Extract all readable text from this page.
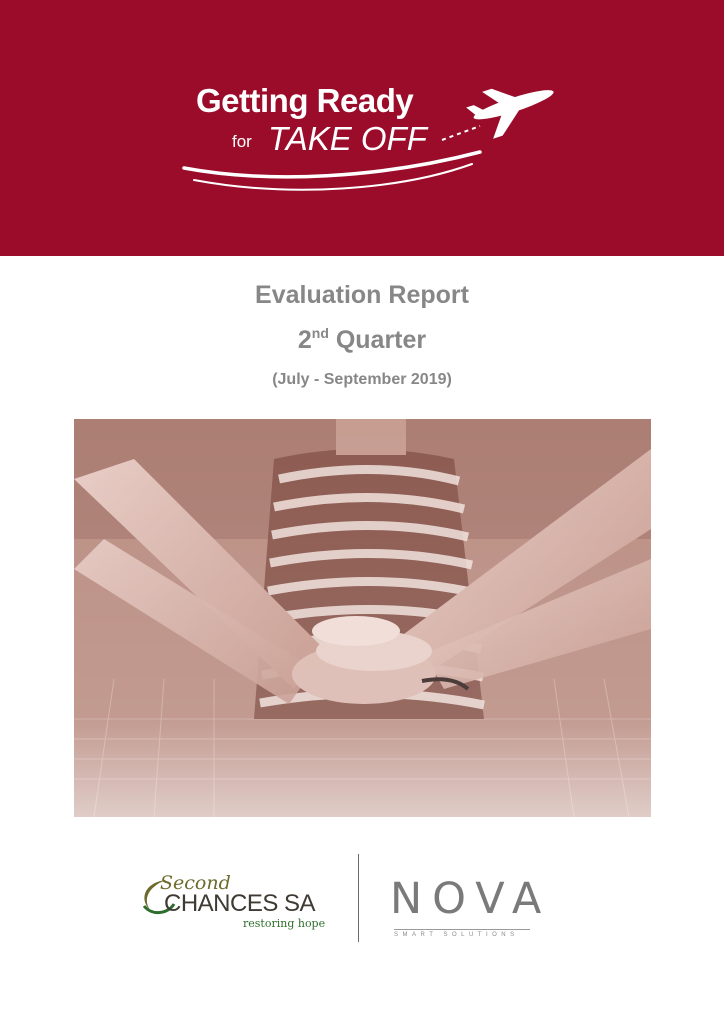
Getting Ready
for TAKE OFF
Evaluation Report
2nd Quarter
(July - September 2019)
Second
CHANCES SA
restoring hope NOVA
SMART SOLUTIONS
